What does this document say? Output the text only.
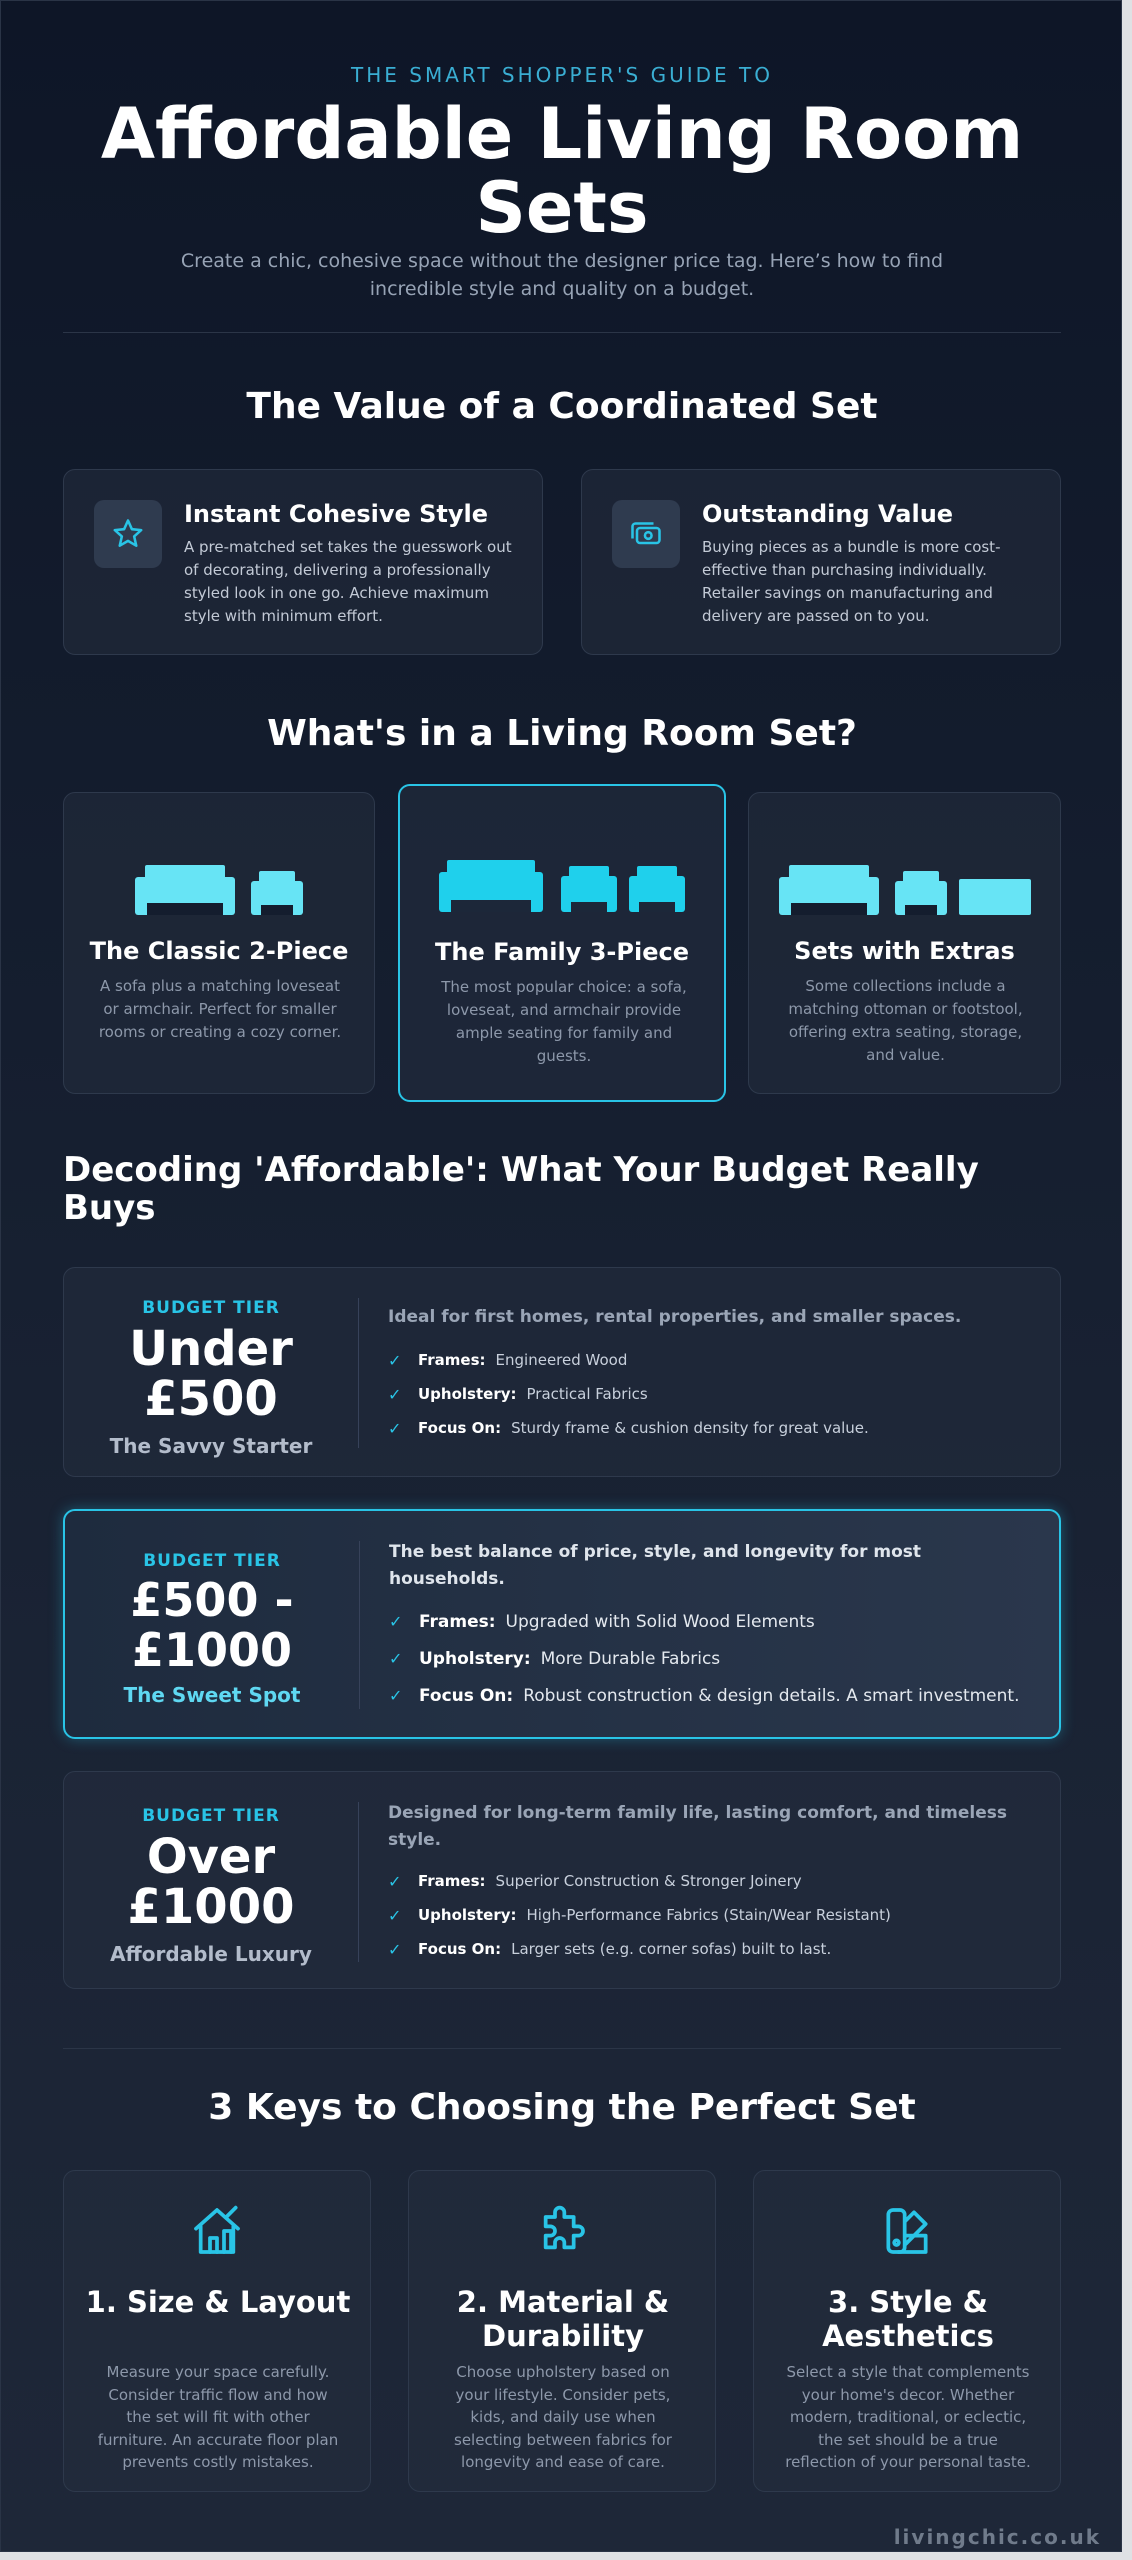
THE SMART SHOPPER'S GUIDE TO
Affordable Living Room Sets

Create a chic, cohesive space without the designer price tag. Here’s how to find incredible style and quality on a budget.

The Value of a Coordinated Set
Instant Cohesive Style
A pre-matched set takes the guesswork out of decorating, delivering a professionally styled look in one go. Achieve maximum style with minimum effort.
Outstanding Value
Buying pieces as a bundle is more cost-effective than purchasing individually. Retailer savings on manufacturing and delivery are passed on to you.
What's in a Living Room Set?
The Classic 2-Piece
A sofa plus a matching loveseat or armchair. Perfect for smaller rooms or creating a cozy corner.
The Family 3-Piece
The most popular choice: a sofa, loveseat, and armchair provide ample seating for family and guests.
Sets with Extras
Some collections include a matching ottoman or footstool, offering extra seating, storage, and value.
Decoding 'Affordable': What Your Budget Really Buys
BUDGET TIER
Under £500
The Savvy Starter
Ideal for first homes, rental properties, and smaller spaces.
✓	Frames: Engineered Wood
✓	Upholstery: Practical Fabrics
✓	Focus On: Sturdy frame & cushion density for great value.
BUDGET TIER
£500 - £1000
The Sweet Spot
The best balance of price, style, and longevity for most households.
✓ Frames: Upgraded with Solid Wood Elements
✓ Upholstery: More Durable Fabrics
✓ Focus On: Robust construction & design details. A smart investment.
BUDGET TIER
Over £1000
Affordable Luxury
Designed for long-term family life, lasting comfort, and timeless style.
✓	Frames: Superior Construction & Stronger Joinery
✓	Upholstery: High-Performance Fabrics (Stain/Wear Resistant)
✓	Focus On: Larger sets (e.g. corner sofas) built to last.
3 Keys to Choosing the Perfect Set
1. Size & Layout
Measure your space carefully. Consider traffic flow and how the set will fit with other furniture. An accurate floor plan prevents costly mistakes.
2. Material & Durability
Choose upholstery based on your lifestyle. Consider pets, kids, and daily use when selecting between fabrics for longevity and ease of care.
3. Style & Aesthetics
Select a style that complements your home's decor. Whether modern, traditional, or eclectic, the set should be a true reflection of your personal taste.
livingchic.co.uk
